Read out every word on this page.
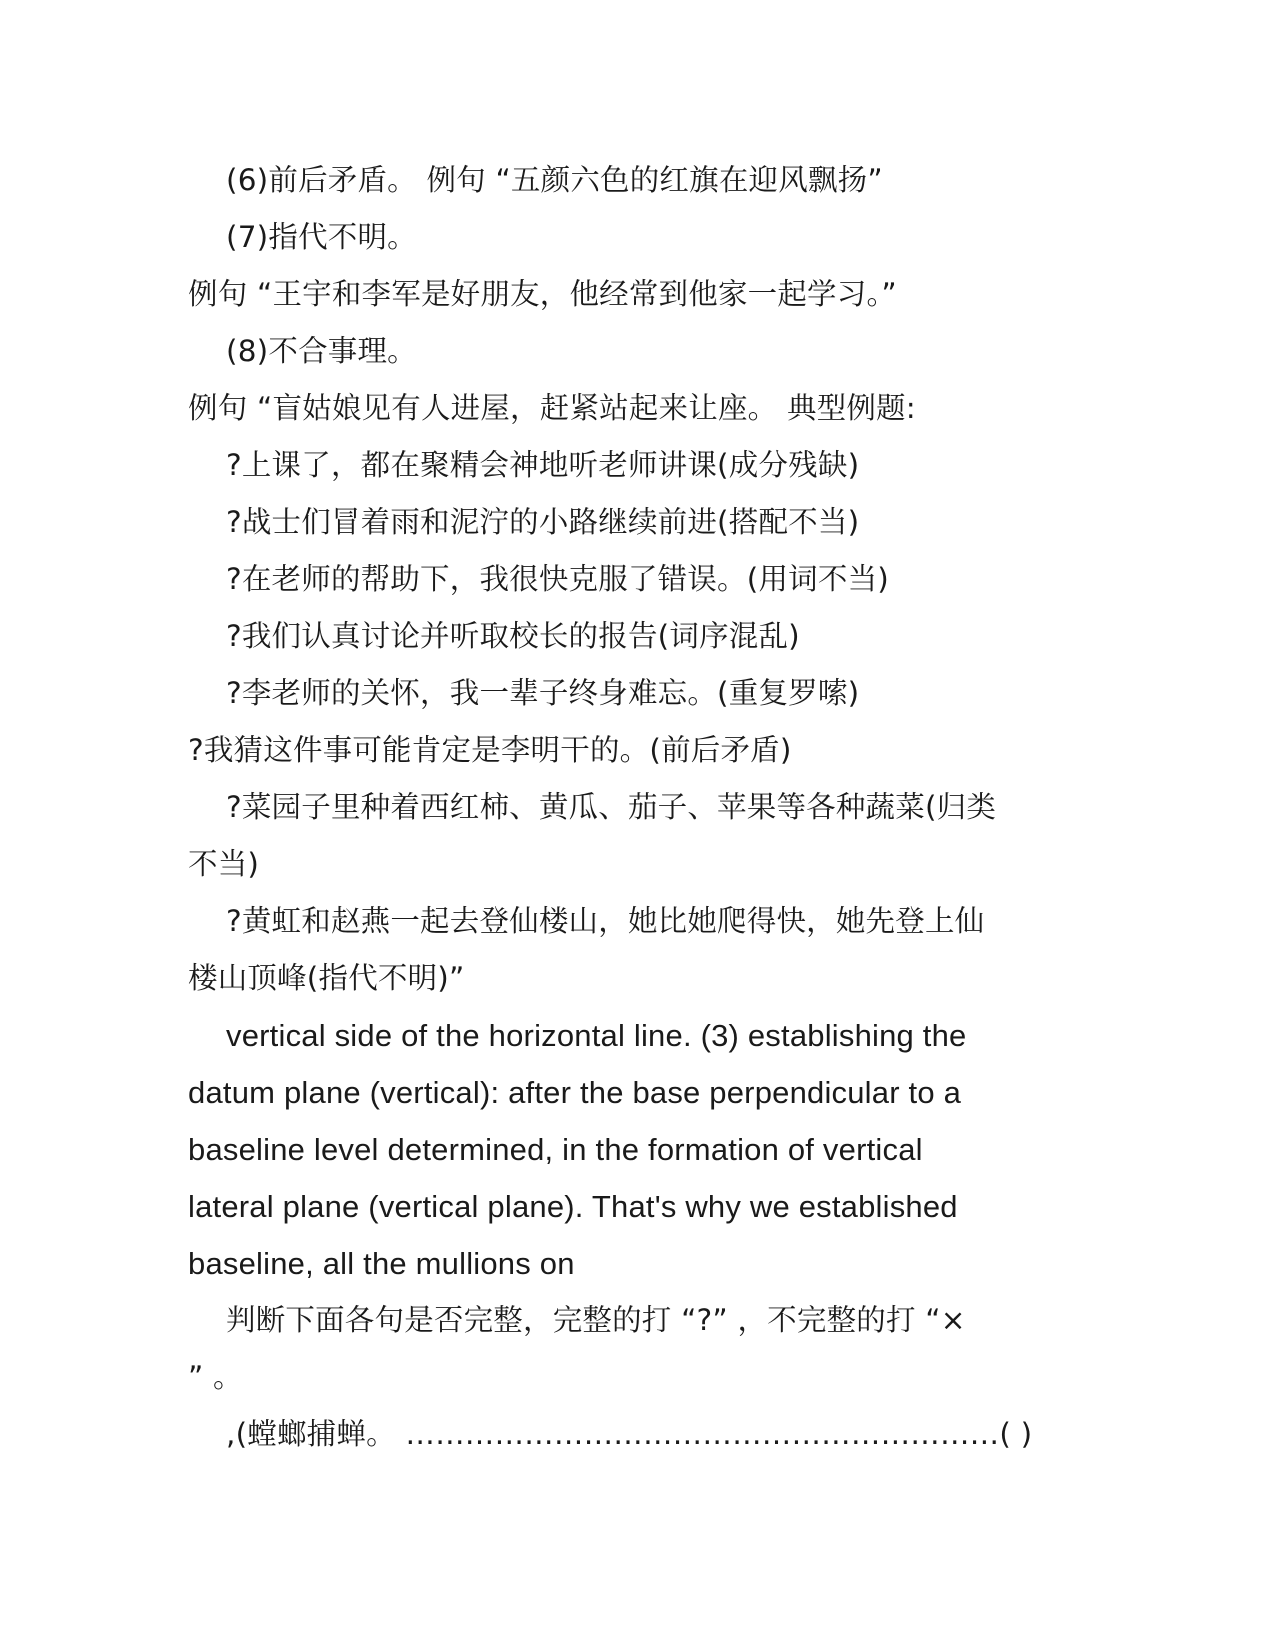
(6)前后矛盾。 例句 “五颜六色的红旗在迎风飘扬”
(7)指代不明。
例句 “王宇和李军是好朋友，他经常到他家一起学习。”
(8)不合事理。
例句 “盲姑娘见有人进屋，赶紧站起来让座。 典型例题:
?上课了，都在聚精会神地听老师讲课(成分残缺)
?战士们冒着雨和泥泞的小路继续前进(搭配不当)
?在老师的帮助下，我很快克服了错误。(用词不当)
?我们认真讨论并听取校长的报告(词序混乱)
?李老师的关怀，我一辈子终身难忘。(重复罗嗦)
?我猜这件事可能肯定是李明干的。(前后矛盾)
?菜园子里种着西红柿、黄瓜、茄子、苹果等各种蔬菜(归类
不当)
?黄虹和赵燕一起去登仙楼山，她比她爬得快，她先登上仙
楼山顶峰(指代不明)”
vertical side of the horizontal line. (3) establishing the
datum plane (vertical): after the base perpendicular to a
baseline level determined, in the formation of vertical
lateral plane (vertical plane). That's why we established
baseline, all the mullions on
判断下面各句是否完整，完整的打 “?” ，不完整的打 “×
” 。
,(螳螂捕蝉。 ……………………………………………………( )
